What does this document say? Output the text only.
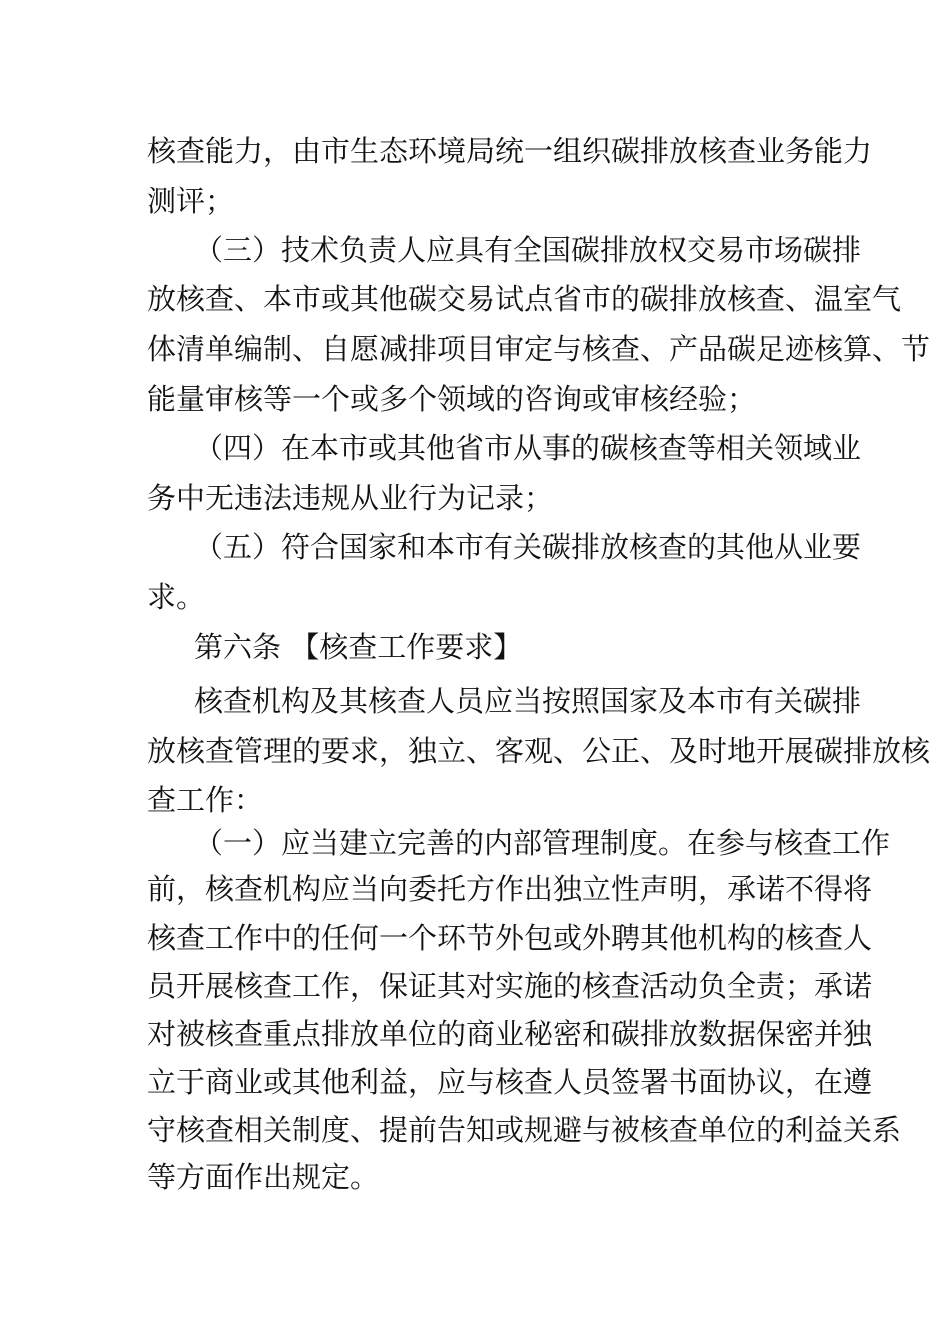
核查能力，由市生态环境局统一组织碳排放核查业务能力

测评；

（三）技术负责人应具有全国碳排放权交易市场碳排

放核查、本市或其他碳交易试点省市的碳排放核查、温室气

体清单编制、自愿减排项目审定与核查、产品碳足迹核算、节

能量审核等一个或多个领域的咨询或审核经验；

（四）在本市或其他省市从事的碳核查等相关领域业

务中无违法违规从业行为记录；

（五）符合国家和本市有关碳排放核查的其他从业要

求。

第六条 【核查工作要求】

核查机构及其核查人员应当按照国家及本市有关碳排

放核查管理的要求，独立、客观、公正、及时地开展碳排放核

查工作：

（一）应当建立完善的内部管理制度。在参与核查工作

前，核查机构应当向委托方作出独立性声明，承诺不得将

核查工作中的任何一个环节外包或外聘其他机构的核查人

员开展核查工作，保证其对实施的核查活动负全责；承诺

对被核查重点排放单位的商业秘密和碳排放数据保密并独

立于商业或其他利益，应与核查人员签署书面协议，在遵

守核查相关制度、提前告知或规避与被核查单位的利益关系

等方面作出规定。
